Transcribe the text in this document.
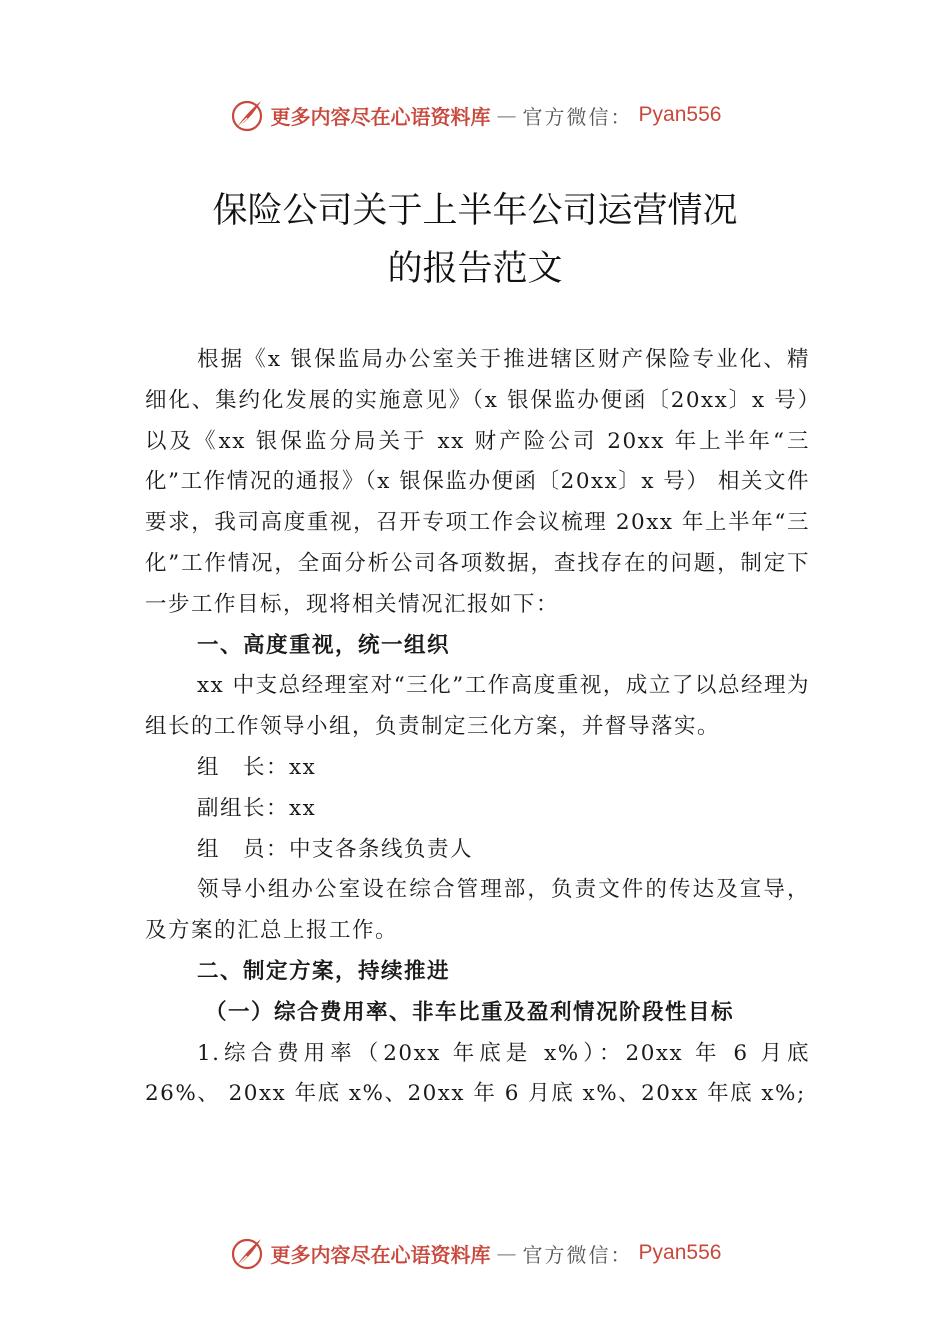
更多内容尽在心语资料库 — 官方微信： Pyan556
保险公司关于上半年公司运营情况
的报告范文

根据《x 银保监局办公室关于推进辖区财产保险专业化、精细化、集约化发展的实施意见》（x 银保监办便函〔20xx〕x 号）以及《xx 银保监分局关于 xx 财产险公司 20xx 年上半年“三化”工作情况的通报》（x 银保监办便函〔20xx〕x 号） 相关文件要求，我司高度重视，召开专项工作会议梳理 20xx 年上半年“三化”工作情况，全面分析公司各项数据，查找存在的问题，制定下一步工作目标，现将相关情况汇报如下：

一、高度重视，统一组织

xx 中支总经理室对“三化”工作高度重视，成立了以总经理为组长的工作领导小组，负责制定三化方案，并督导落实。

组　长：xx

副组长：xx

组　员：中支各条线负责人

领导小组办公室设在综合管理部，负责文件的传达及宣导，及方案的汇总上报工作。

二、制定方案，持续推进

（一）综合费用率、非车比重及盈利情况阶段性目标

1.综合费用率（20xx 年底是 x%）：20xx 年 6 月底 26%、 20xx 年底 x%、20xx 年 6 月底 x%、20xx 年底 x%;

更多内容尽在心语资料库 — 官方微信： Pyan556
